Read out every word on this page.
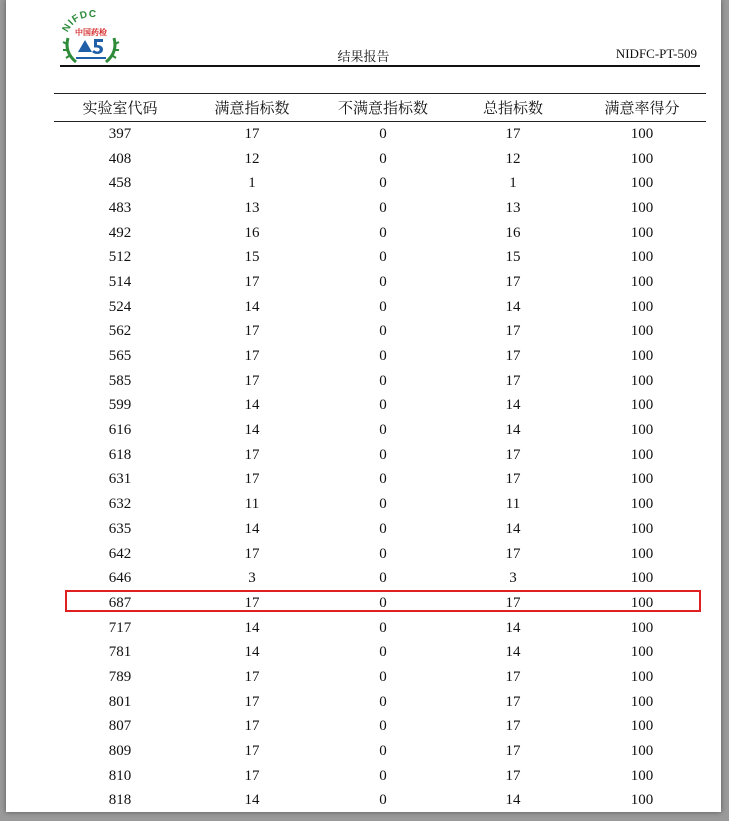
NIFDC
中国药检
结果报告	NIDFC-PT-509
实验室代码	满意指标数	不满意指标数	总指标数	满意率得分
397	17	0	17	100
408	12	0	12	100
458	1	0	1	100
483	13	0	13	100
492	16	0	16	100
512	15	0	15	100
514	17	0	17	100
524	14	0	14	100
562	17	0	17	100
565	17	0	17	100
585	17	0	17	100
599	14	0	14	100
616	14	0	14	100
618	17	0	17	100
631	17	0	17	100
632	11	0	11	100
635	14	0	14	100
642	17	0	17	100
646	3	0	3	100
687	17	0	17	100
717	14	0	14	100
781	14	0	14	100
789	17	0	17	100
801	17	0	17	100
807	17	0	17	100
809	17	0	17	100
810	17	0	17	100
818	14	0	14	100
